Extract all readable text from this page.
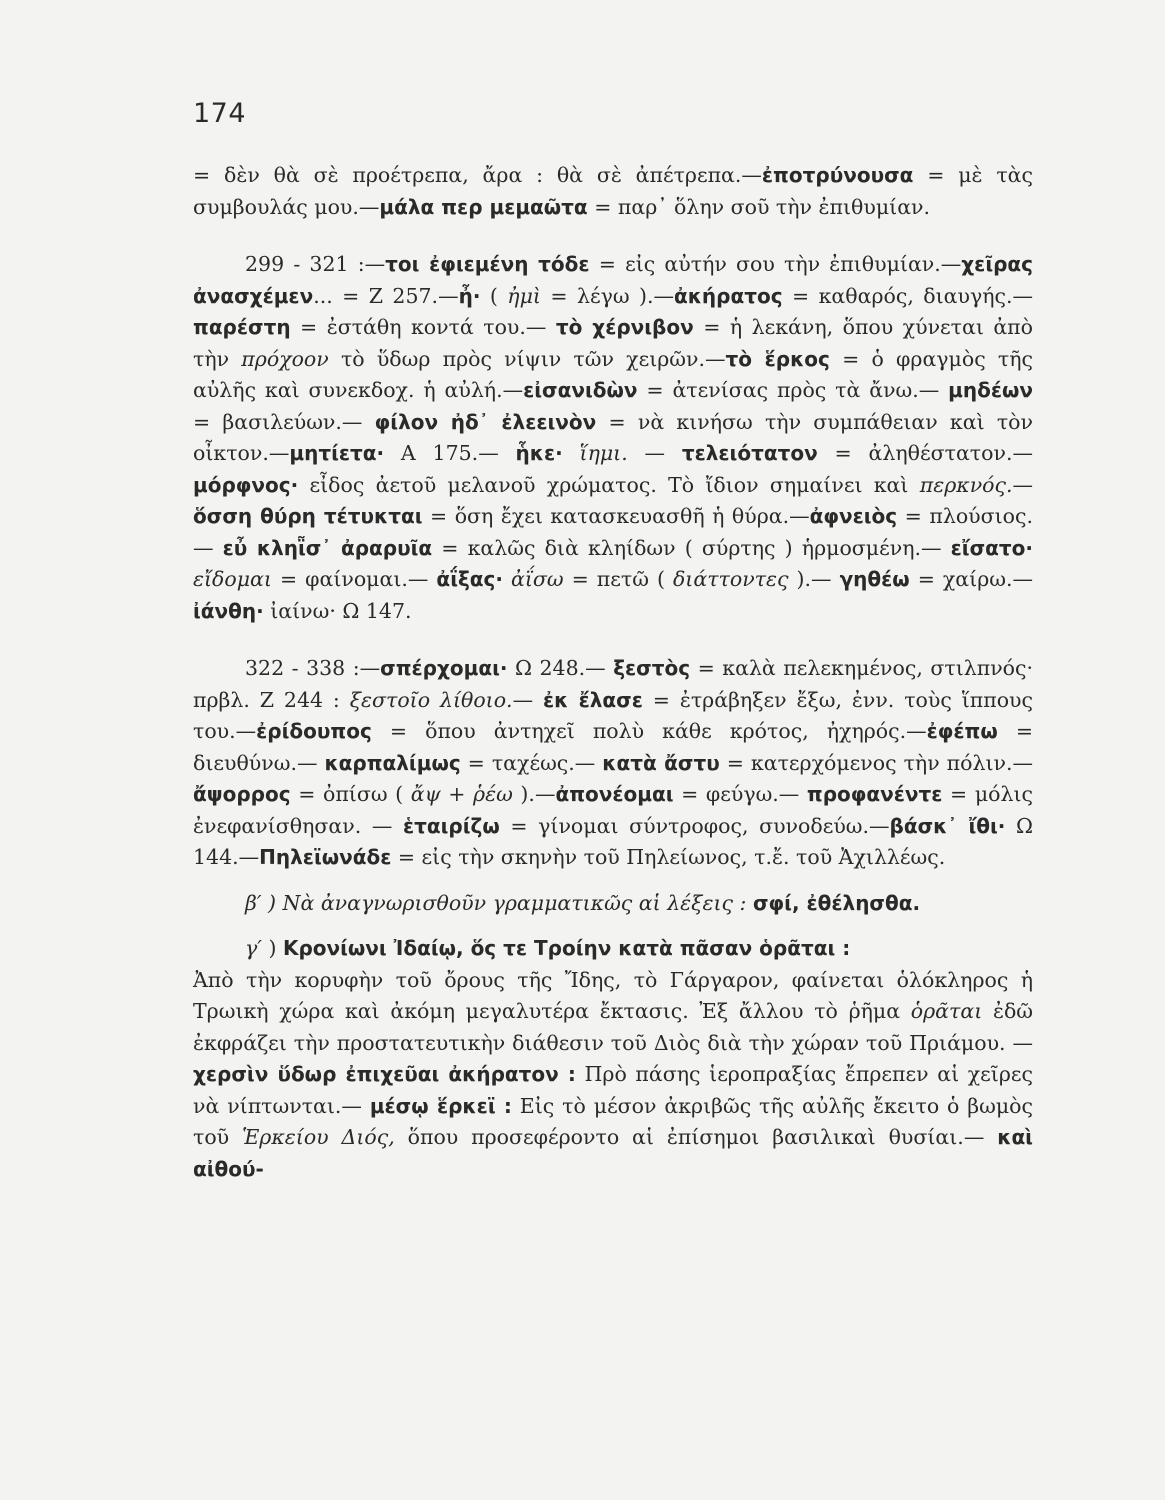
174

= δὲν θὰ σὲ προέτρεπα, ἄρα : θὰ σὲ ἀπέτρεπα.—ἐποτρύνουσα = μὲ τὰς συμβουλάς μου.—μάλα περ μεμαῶτα = παρ᾽ ὅλην σοῦ τὴν ἐπιθυμίαν.

299 - 321 :—τοι ἐφιεμένη τόδε = εἰς αὐτήν σου τὴν ἐπιθυμίαν.—χεῖρας ἀνασχέμεν... = Ζ 257.—ἦ· ( ἠμὶ = λέγω ).—ἀκήρατος = καθαρός, διαυγής.— παρέστη = ἐστάθη κοντά του.— τὸ χέρνιβον = ἡ λεκάνη, ὅπου χύνεται ἀπὸ τὴν πρόχοον τὸ ὕδωρ πρὸς νίψιν τῶν χειρῶν.—τὸ ἕρκος = ὁ φραγμὸς τῆς αὐλῆς καὶ συνεκδοχ. ἡ αὐλή.—εἰσανιδὼν = ἀτενίσας πρὸς τὰ ἄνω.— μηδέων = βασιλεύων.— φίλον ἠδ᾽ ἐλεεινὸν = νὰ κινήσω τὴν συμπάθειαν καὶ τὸν οἶκτον.—μητίετα· Α 175.— ἧκε· ἵημι. — τελειότατον = ἀληθέστατον.— μόρφνος· εἶδος ἀετοῦ μελανοῦ χρώματος. Τὸ ἴδιον σημαίνει καὶ περκνός.—ὅσση θύρη τέτυκται = ὅση ἔχει κατασκευασθῆ ἡ θύρα.—ἀφνειὸς = πλούσιος. — εὖ κληῗσ᾽ ἀραρυῖα = καλῶς διὰ κληίδων ( σύρτης ) ἡρμοσμένη.— εἴσατο· εἴδομαι = φαίνομαι.— ἀΐξας· ἀΐσω = πετῶ ( διάττοντες ).— γηθέω = χαίρω.— ἰάνθη· ἰαίνω· Ω 147.

322 - 338 :—σπέρχομαι· Ω 248.— ξεστὸς = καλὰ πελεκημένος, στιλπνός· πρβλ. Ζ 244 : ξεστοῖο λίθοιο.— ἐκ ἔλασε = ἐτράβηξεν ἔξω, ἐνν. τοὺς ἵππους του.—ἐρίδουπος = ὅπου ἀντηχεῖ πολὺ κάθε κρότος, ἠχηρός.—ἐφέπω = διευθύνω.— καρπαλίμως = ταχέως.— κατὰ ἄστυ = κατερχόμενος τὴν πόλιν.— ἄψορρος = ὀπίσω ( ἄψ + ῥέω ).—ἀπονέομαι = φεύγω.— προφανέντε = μόλις ἐνεφανίσθησαν. — ἑταιρίζω = γίνομαι σύντροφος, συνοδεύω.—βάσκ᾽ ἴθι· Ω 144.—Πηλεϊωνάδε = εἰς τὴν σκηνὴν τοῦ Πηλείωνος, τ.ἔ. τοῦ Ἀχιλλέως.

β′ ) Νὰ ἀναγνωρισθοῦν γραμματικῶς αἱ λέξεις : σφί, ἐθέλησθα.

γ′ ) Κρονίωνι Ἰδαίῳ, ὅς τε Τροίην κατὰ πᾶσαν ὁρᾶται :

Ἀπὸ τὴν κορυφὴν τοῦ ὄρους τῆς Ἴδης, τὸ Γάργαρον, φαίνεται ὁλόκληρος ἡ Τρωικὴ χώρα καὶ ἀκόμη μεγαλυτέρα ἔκτασις. Ἐξ ἄλλου τὸ ῥῆμα ὁρᾶται ἐδῶ ἐκφράζει τὴν προστατευτικὴν διάθεσιν τοῦ Διὸς διὰ τὴν χώραν τοῦ Πριάμου. — χερσὶν ὕδωρ ἐπιχεῦαι ἀκήρατον : Πρὸ πάσης ἱεροπραξίας ἔπρεπεν αἱ χεῖρες νὰ νίπτωνται.— μέσῳ ἕρκεϊ : Εἰς τὸ μέσον ἀκριβῶς τῆς αὐλῆς ἔκειτο ὁ βωμὸς τοῦ Ἑρκείου Διός, ὅπου προσεφέροντο αἱ ἐπίσημοι βασιλικαὶ θυσίαι.— καὶ αἰθού-
